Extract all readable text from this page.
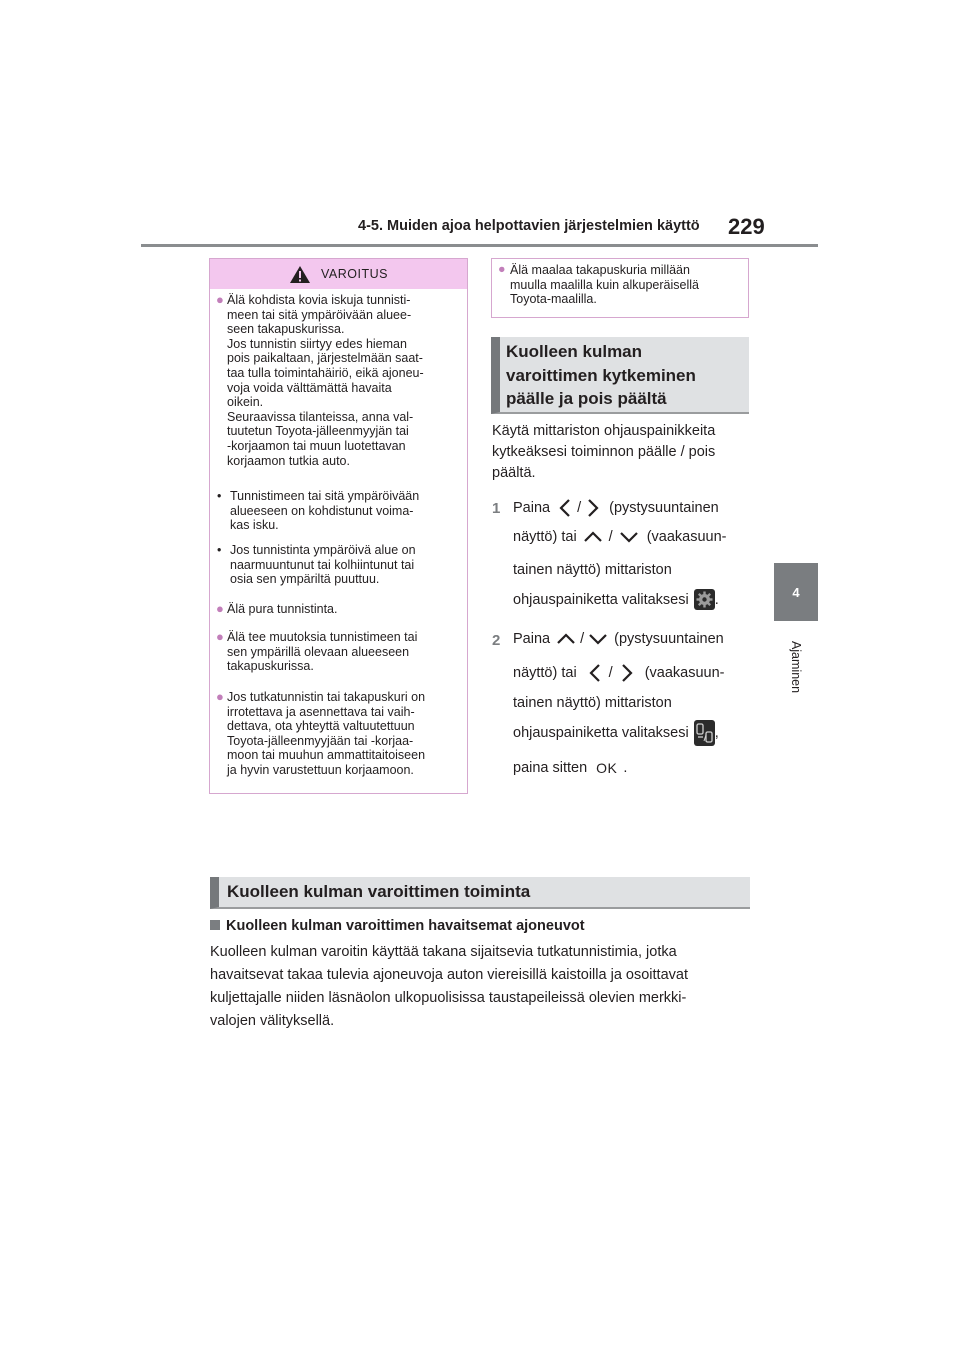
4-5. Muiden ajoa helpottavien järjestelmien käyttö 229
4
Ajaminen
VAROITUS
● Älä kohdista kovia iskuja tunnisti-
meen tai sitä ympäröivään aluee-
seen takapuskurissa.
Jos tunnistin siirtyy edes hieman
pois paikaltaan, järjestelmään saat-
taa tulla toimintahäiriö, eikä ajoneu-
voja voida välttämättä havaita
oikein.
Seuraavissa tilanteissa, anna val-
tuutetun Toyota-jälleenmyyjän tai
-korjaamon tai muun luotettavan
korjaamon tutkia auto.
• Tunnistimeen tai sitä ympäröivään
alueeseen on kohdistunut voima-
kas isku.
• Jos tunnistinta ympäröivä alue on
naarmuuntunut tai kolhiintunut tai
osia sen ympäriltä puuttuu.
● Älä pura tunnistinta.
● Älä tee muutoksia tunnistimeen tai
sen ympärillä olevaan alueeseen
takapuskurissa.
● Jos tutkatunnistin tai takapuskuri on
irrotettava ja asennettava tai vaih-
dettava, ota yhteyttä valtuutettuun
Toyota-jälleenmyyjään tai -korjaa-
moon tai muuhun ammattitaitoiseen
ja hyvin varustettuun korjaamoon.
● Älä maalaa takapuskuria millään
muulla maalilla kuin alkuperäisellä
Toyota-maalilla.
Kuolleen kulman
varoittimen kytkeminen
päälle ja pois päältä
Käytä mittariston ohjauspainikkeita
kytkeäksesi toiminnon päälle / pois
päältä.
1 Paina / (pystysuuntainen
näyttö) tai / (vaakasuun-
tainen näyttö) mittariston
ohjauspainiketta valitaksesi .
2 Paina / (pystysuuntainen
näyttö) tai / (vaakasuun-
tainen näyttö) mittariston
ohjauspainiketta valitaksesi ,
paina sitten OK .
Kuolleen kulman varoittimen toiminta
Kuolleen kulman varoittimen havaitsemat ajoneuvot
Kuolleen kulman varoitin käyttää takana sijaitsevia tutkatunnistimia, jotka
havaitsevat takaa tulevia ajoneuvoja auton viereisillä kaistoilla ja osoittavat
kuljettajalle niiden läsnäolon ulkopuolisissa taustapeileissä olevien merkki-
valojen välityksellä.
